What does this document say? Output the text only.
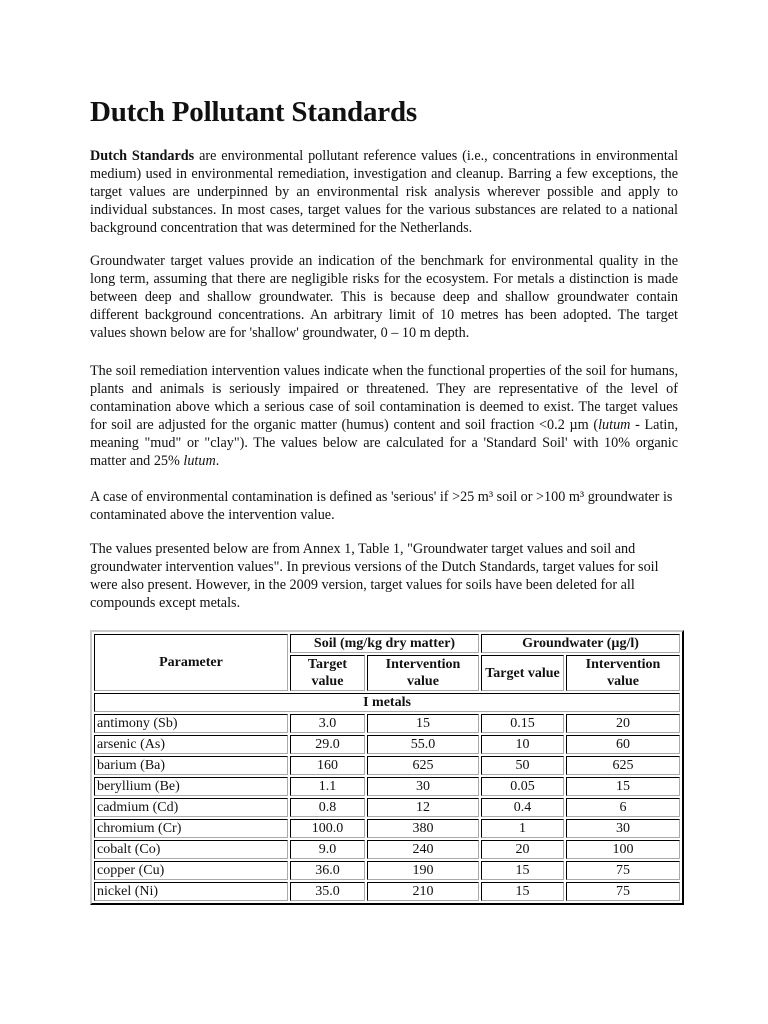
Dutch Pollutant Standards

Dutch Standards are environmental pollutant reference values (i.e., concentrations in environmental medium) used in environmental remediation, investigation and cleanup. Barring a few exceptions, the target values are underpinned by an environmental risk analysis wherever possible and apply to individual substances. In most cases, target values for the various substances are related to a national background concentration that was determined for the Netherlands.

Groundwater target values provide an indication of the benchmark for environmental quality in the long term, assuming that there are negligible risks for the ecosystem. For metals a distinction is made between deep and shallow groundwater. This is because deep and shallow groundwater contain different background concentrations. An arbitrary limit of 10 metres has been adopted. The target values shown below are for 'shallow' groundwater, 0 – 10 m depth.

The soil remediation intervention values indicate when the functional properties of the soil for humans, plants and animals is seriously impaired or threatened. They are representative of the level of contamination above which a serious case of soil contamination is deemed to exist. The target values for soil are adjusted for the organic matter (humus) content and soil fraction <0.2 µm (lutum - Latin, meaning "mud" or "clay"). The values below are calculated for a 'Standard Soil' with 10% organic matter and 25% lutum.

A case of environmental contamination is defined as 'serious' if >25 m³ soil or >100 m³ groundwater is contaminated above the intervention value.

The values presented below are from Annex 1, Table 1, "Groundwater target values and soil and groundwater intervention values". In previous versions of the Dutch Standards, target values for soil were also present. However, in the 2009 version, target values for soils have been deleted for all compounds except metals.

Parameter	Soil (mg/kg dry matter)		Groundwater (µg/l)	
	Target value	Intervention value	Target value	Intervention value
I metals				
antimony (Sb)	3.0	15	0.15	20
arsenic (As)	29.0	55.0	10	60
barium (Ba)	160	625	50	625
beryllium (Be)	1.1	30	0.05	15
cadmium (Cd)	0.8	12	0.4	6
chromium (Cr)	100.0	380	1	30
cobalt (Co)	9.0	240	20	100
copper (Cu)	36.0	190	15	75
nickel (Ni)	35.0	210	15	75
